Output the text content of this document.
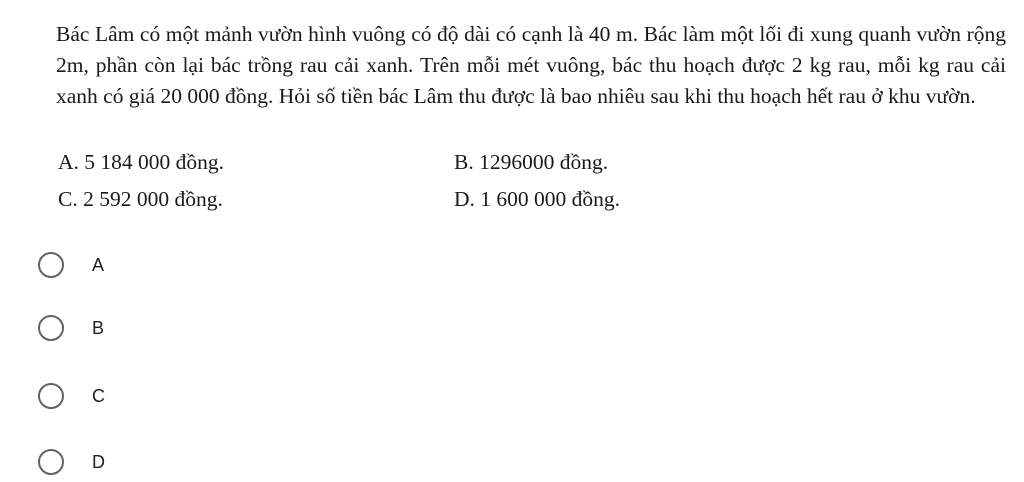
Bác Lâm có một mảnh vườn hình vuông có độ dài có cạnh là 40 m. Bác làm một lối đi xung quanh vườn rộng 2m, phần còn lại bác trồng rau cải xanh. Trên mỗi mét vuông, bác thu hoạch được 2 kg rau, mỗi kg rau cải xanh có giá 20 000 đồng. Hỏi số tiền bác Lâm thu được là bao nhiêu sau khi thu hoạch hết rau ở khu vườn.
A. 5 184 000 đồng.	B. 1296000 đồng.
C. 2 592 000 đồng.	D. 1 600 000 đồng.
A
B
C
D
